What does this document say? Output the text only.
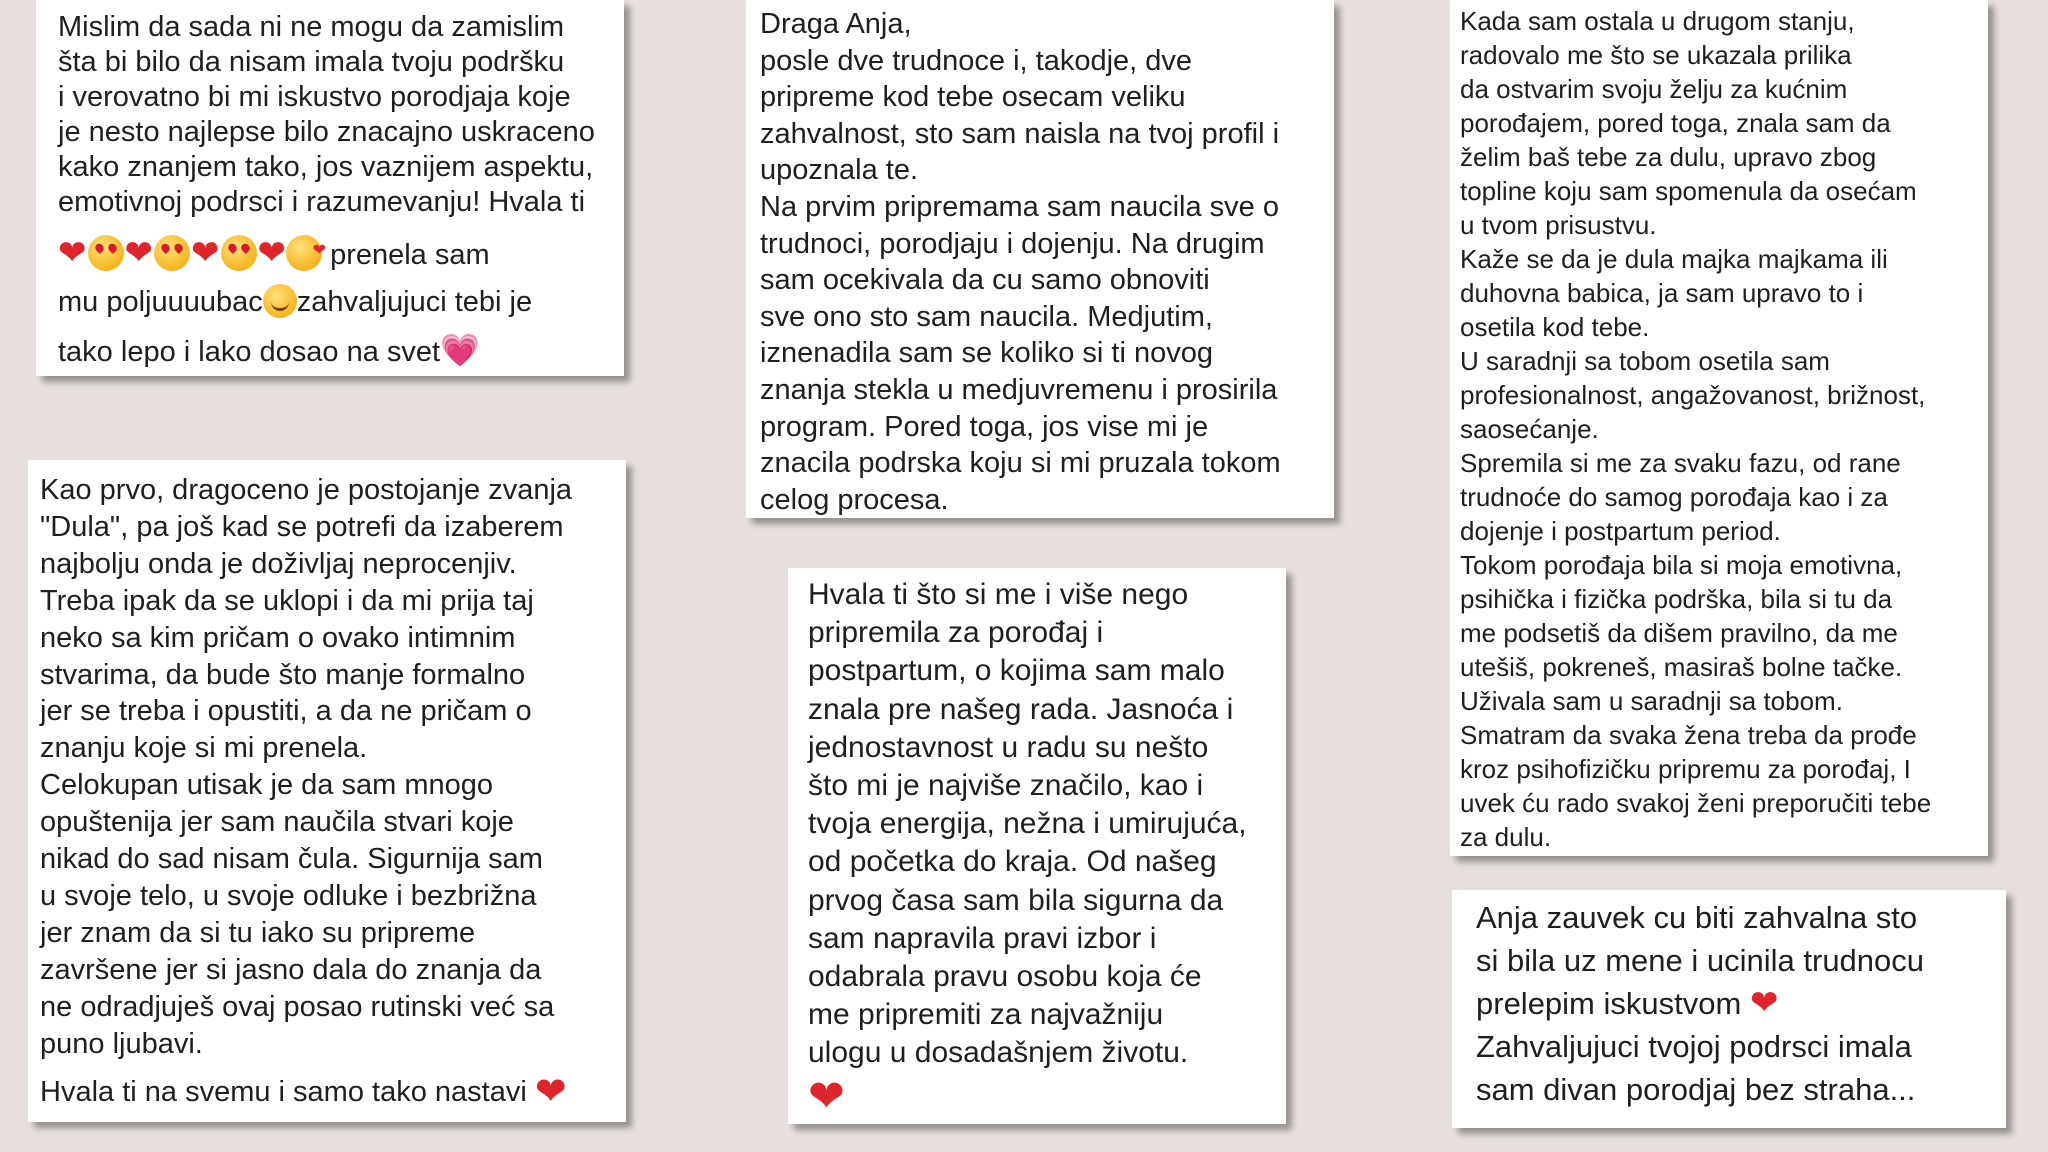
Mislim da sada ni ne mogu da zamislim
šta bi bilo da nisam imala tvoju podršku
i verovatno bi mi iskustvo porodjaja koje
je nesto najlepse bilo znacajno uskraceno
kako znanjem tako, jos vaznijem aspektu,
emotivnoj podrsci i razumevanju! Hvala ti

❤ ❤ ❤ ❤❤ prenela sam
mu poljuuuubac zahvaljujuci tebi je
tako lepo i lako dosao na svet💗

Draga Anja,
posle dve trudnoce i, takodje, dve
pripreme kod tebe osecam veliku
zahvalnost, sto sam naisla na tvoj profil i
upoznala te.
Na prvim pripremama sam naucila sve o
trudnoci, porodjaju i dojenju. Na drugim
sam ocekivala da cu samo obnoviti
sve ono sto sam naucila. Medjutim,
iznenadila sam se koliko si ti novog
znanja stekla u medjuvremenu i prosirila
program. Pored toga, jos vise mi je
znacila podrska koju si mi pruzala tokom
celog procesa.

Kada sam ostala u drugom stanju,
radovalo me što se ukazala prilika
da ostvarim svoju želju za kućnim
porođajem, pored toga, znala sam da
želim baš tebe za dulu, upravo zbog
topline koju sam spomenula da osećam
u tvom prisustvu.
Kaže se da je dula majka majkama ili
duhovna babica, ja sam upravo to i
osetila kod tebe.
U saradnji sa tobom osetila sam
profesionalnost, angažovanost, brižnost,
saosećanje.
Spremila si me za svaku fazu, od rane
trudnoće do samog porođaja kao i za
dojenje i postpartum period.
Tokom porođaja bila si moja emotivna,
psihička i fizička podrška, bila si tu da
me podsetiš da dišem pravilno, da me
utešiš, pokreneš, masiraš bolne tačke.
Uživala sam u saradnji sa tobom.
Smatram da svaka žena treba da prođe
kroz psihofizičku pripremu za porođaj, I
uvek ću rado svakoj ženi preporučiti tebe
za dulu.

Kao prvo, dragoceno je postojanje zvanja
"Dula", pa još kad se potrefi da izaberem
najbolju onda je doživljaj neprocenjiv.
Treba ipak da se uklopi i da mi prija taj
neko sa kim pričam o ovako intimnim
stvarima, da bude što manje formalno
jer se treba i opustiti, a da ne pričam o
znanju koje si mi prenela.
Celokupan utisak je da sam mnogo
opuštenija jer sam naučila stvari koje
nikad do sad nisam čula. Sigurnija sam
u svoje telo, u svoje odluke i bezbrižna
jer znam da si tu iako su pripreme
završene jer si jasno dala do znanja da
ne odradjuješ ovaj posao rutinski već sa
puno ljubavi.

Hvala ti na svemu i samo tako nastavi ❤

Hvala ti što si me i više nego
pripremila za porođaj i
postpartum, o kojima sam malo
znala pre našeg rada. Jasnoća i
jednostavnost u radu su nešto
što mi je najviše značilo, kao i
tvoja energija, nežna i umirujuća,
od početka do kraja. Od našeg
prvog časa sam bila sigurna da
sam napravila pravi izbor i
odabrala pravu osobu koja će
me pripremiti za najvažniju
ulogu u dosadašnjem životu.

❤
Anja zauvek cu biti zahvalna sto
si bila uz mene i ucinila trudnocu
prelepim iskustvom ❤
Zahvaljujuci tvojoj podrsci imala
sam divan porodjaj bez straha...
